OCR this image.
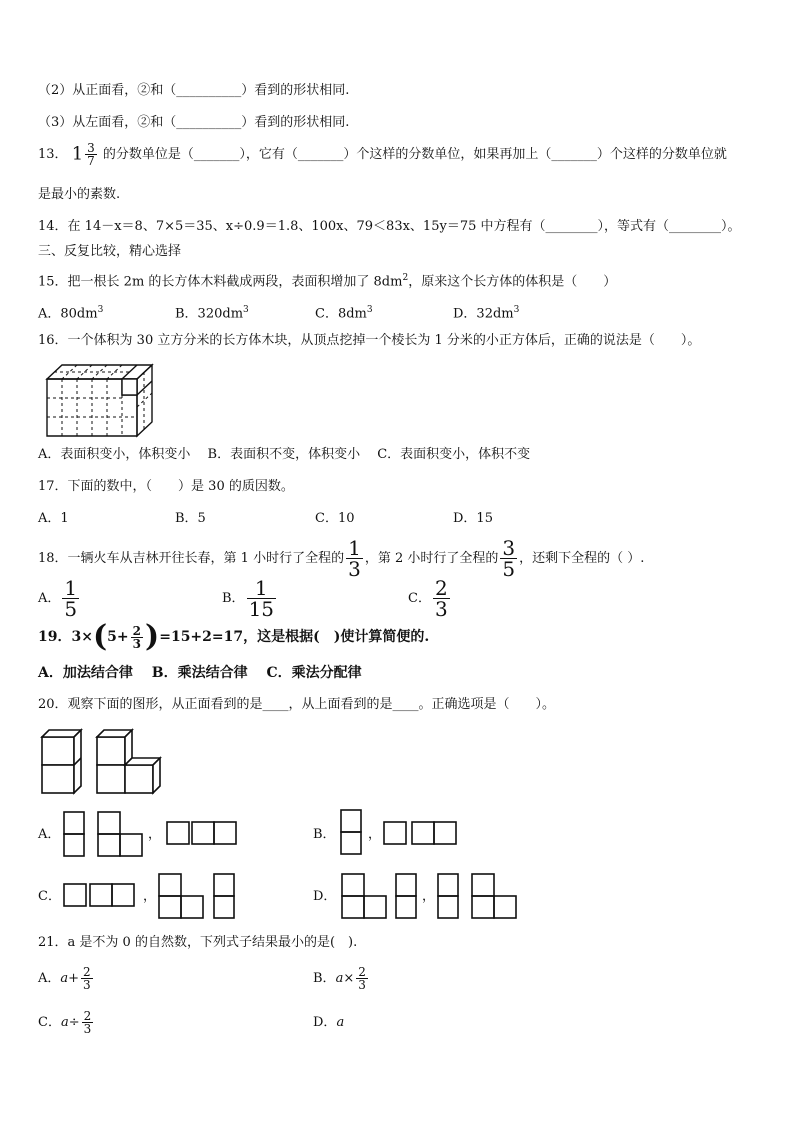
（2）从正面看，②和（__________）看到的形状相同.
（3）从左面看，②和（__________）看到的形状相同.
13． $1 \frac{3}{7}$ 的分数单位是（_______），它有（_______）个这样的分数单位，如果再加上（_______）个这样的分数单位就
是最小的素数.
14．在 14－x＝8、7×5＝35、x÷0.9＝1.8、100x、79＜83x、15y＝75 中方程有（________），等式有（________）。
三、反复比较，精心选择
15．把一根长 2m 的长方体木料截成两段，表面积增加了 $8dm^2$，原来这个长方体的体积是（　　）
A．$80dm^3$	B．$320dm^3$	C．$8dm^3$	D．$32dm^3$
16．一个体积为 30 立方分米的长方体木块，从顶点挖掉一个棱长为 1 分米的小正方体后，正确的说法是（　　）。
A．表面积变小，体积变小　 B．表面积不变，体积变小　 C．表面积变小，体积不变
17．下面的数中，（　　）是 30 的质因数。
A．1	B．5	C．10	D．15
18．一辆火车从吉林开往长春，第 1 小时行了全程的 $\frac{1}{3}$ ，第 2 小时行了全程的 $\frac{3}{5}$ ，还剩下全程的（ ）.
A． $\frac{1}{5}$	B． $\frac{1}{15}$	C． $\frac{2}{3}$
19．$3\times(5+ \frac{2}{3} )=15+2=17$，这是根据(　)使计算简便的.
A．加法结合律　 B．乘法结合律　 C．乘法分配律
20．观察下面的图形，从正面看到的是____，从上面看到的是____。正确选项是（　　）。
A．	，	B． ，
C．	，	D．	，
21．a 是不为 0 的自然数，下列式子结果最小的是(　).
A．$a+ \frac{2}{3}$	B．$a\times \frac{2}{3}$
C．$a\div \frac{2}{3}$	D．a
